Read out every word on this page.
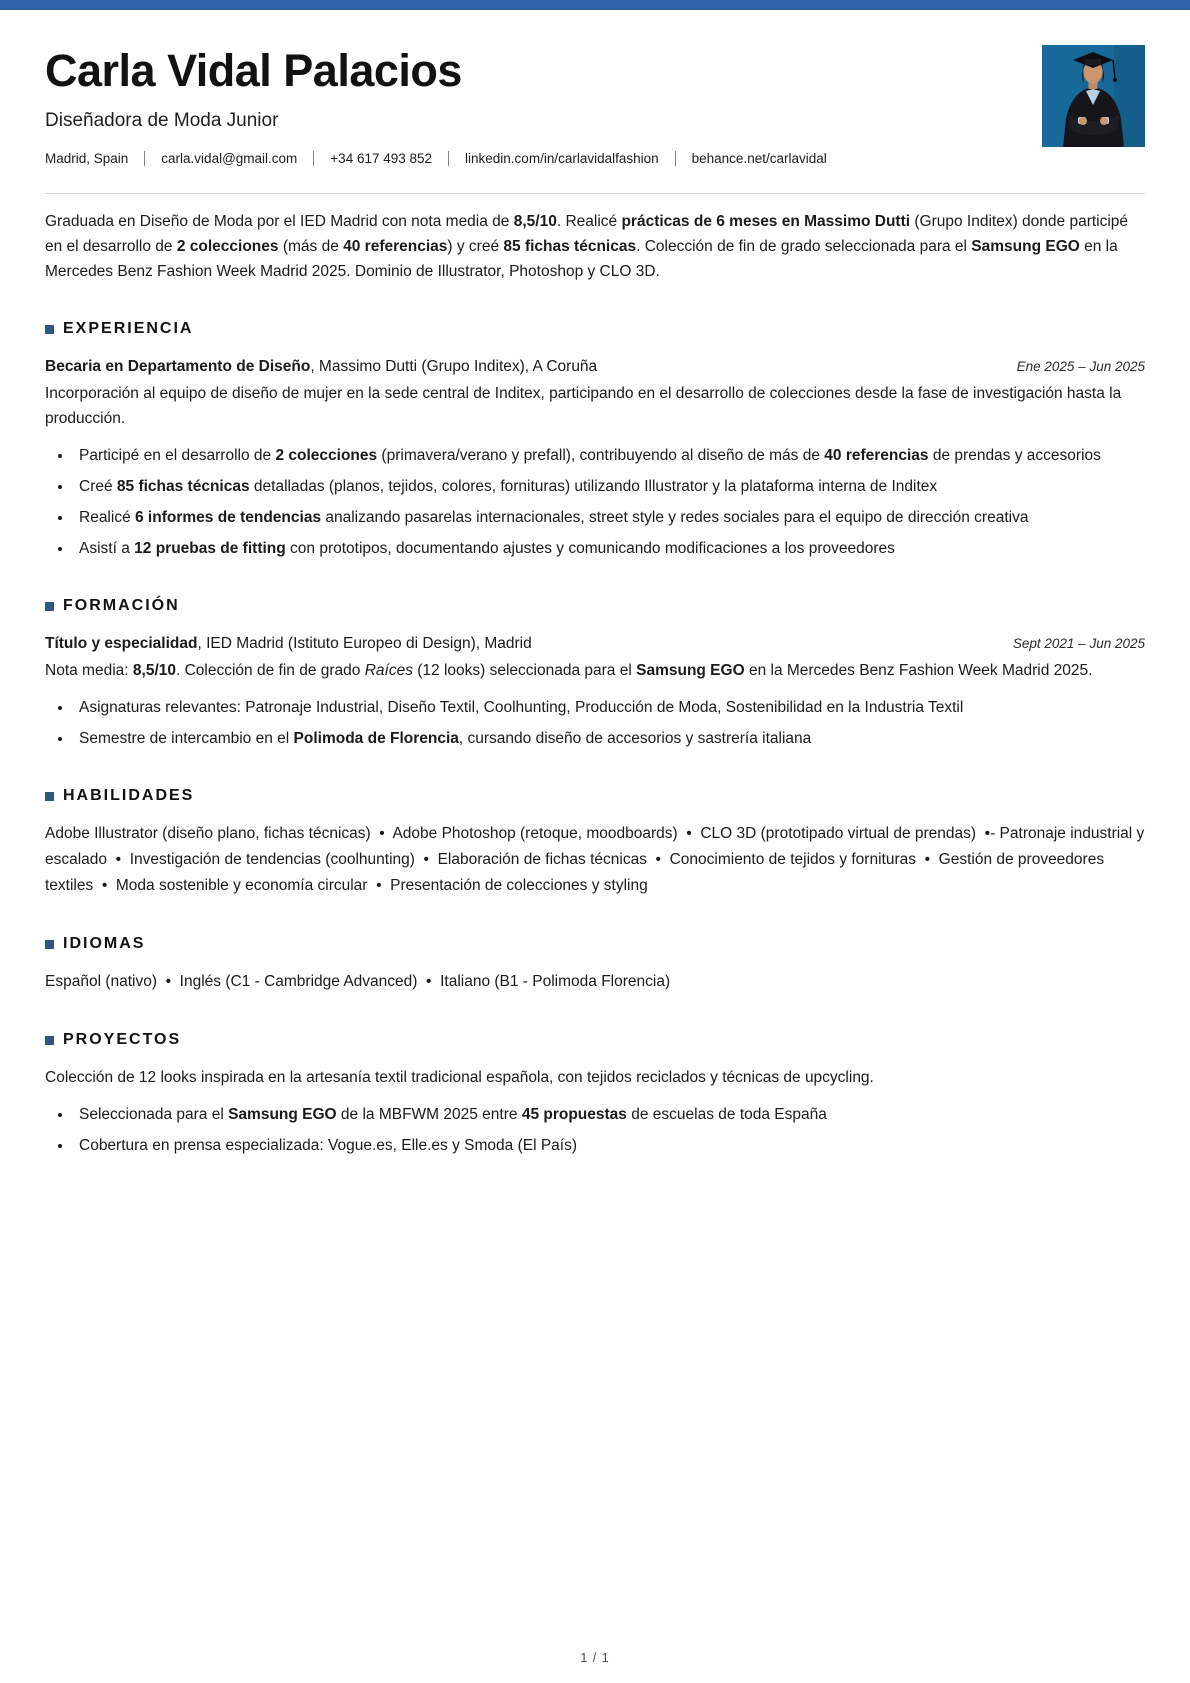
Carla Vidal Palacios

Diseñadora de Moda Junior

Madrid, Spain carla.vidal@gmail.com +34 617 493 852 linkedin.com/in/carlavidalfashion behance.net/carlavidal

Graduada en Diseño de Moda por el IED Madrid con nota media de 8,5/10. Realicé prácticas de 6 meses en Massimo Dutti (Grupo Inditex) donde participé en el desarrollo de 2 colecciones (más de 40 referencias) y creé 85 fichas técnicas. Colección de fin de grado seleccionada para el Samsung EGO en la Mercedes Benz Fashion Week Madrid 2025. Dominio de Illustrator, Photoshop y CLO 3D.

EXPERIENCIA

Becaria en Departamento de Diseño, Massimo Dutti (Grupo Inditex), A Coruña	Ene 2025 – Jun 2025

Incorporación al equipo de diseño de mujer en la sede central de Inditex, participando en el desarrollo de colecciones desde la fase de investigación hasta la producción.

• Participé en el desarrollo de 2 colecciones (primavera/verano y prefall), contribuyendo al diseño de más de 40 referencias de prendas y accesorios
• Creé 85 fichas técnicas detalladas (planos, tejidos, colores, fornituras) utilizando Illustrator y la plataforma interna de Inditex
• Realicé 6 informes de tendencias analizando pasarelas internacionales, street style y redes sociales para el equipo de dirección creativa
• Asistí a 12 pruebas de fitting con prototipos, documentando ajustes y comunicando modificaciones a los proveedores
FORMACIÓN

Título y especialidad, IED Madrid (Istituto Europeo di Design), Madrid	Sept 2021 – Jun 2025

Nota media: 8,5/10. Colección de fin de grado Raíces (12 looks) seleccionada para el Samsung EGO en la Mercedes Benz Fashion Week Madrid 2025.

• Asignaturas relevantes: Patronaje Industrial, Diseño Textil, Coolhunting, Producción de Moda, Sostenibilidad en la Industria Textil
• Semestre de intercambio en el Polimoda de Florencia, cursando diseño de accesorios y sastrería italiana
HABILIDADES

Adobe Illustrator (diseño plano, fichas técnicas)  •  Adobe Photoshop (retoque, moodboards)  •  CLO 3D (prototipado virtual de prendas)  •- Patronaje industrial y escalado  •  Investigación de tendencias (coolhunting)  •  Elaboración de fichas técnicas  •  Conocimiento de tejidos y fornituras  •  Gestión de proveedores textiles  •  Moda sostenible y economía circular  •  Presentación de colecciones y styling

IDIOMAS

Español (nativo)  •  Inglés (C1 - Cambridge Advanced)  •  Italiano (B1 - Polimoda Florencia)

PROYECTOS

Colección de 12 looks inspirada en la artesanía textil tradicional española, con tejidos reciclados y técnicas de upcycling.

• Seleccionada para el Samsung EGO de la MBFWM 2025 entre 45 propuestas de escuelas de toda España
• Cobertura en prensa especializada: Vogue.es, Elle.es y Smoda (El País)
1 / 1
